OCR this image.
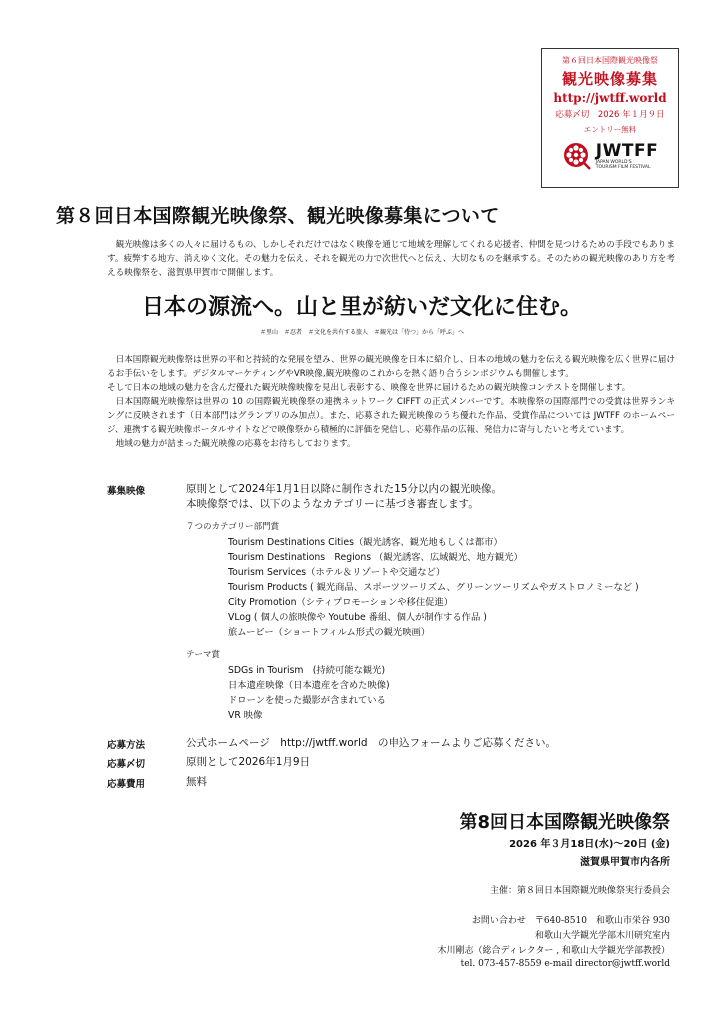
第６回日本国際観光映像祭
観光映像募集
http://jwtff.world
応募〆切　2026 年１月９日
エントリー無料
JWTFF
JAPAN WORLD'S
TOURISM FILM FESTIVAL
第８回日本国際観光映像祭、観光映像募集について
観光映像は多くの人々に届けるもの、しかしそれだけではなく映像を通じて地域を理解してくれる応援者、仲間を見つけるための手段でもあります。疲弊する地方、消えゆく文化。その魅力を伝え、それを観光の力で次世代へと伝え、大切なものを継承する。そのための観光映像のあり方を考える映像祭を、滋賀県甲賀市で開催します。
日本の源流へ。山と里が紡いだ文化に住む。
＃里山　＃忍者　＃文化を共有する旅人　＃観光は「待つ」から「呼ぶ」へ

日本国際観光映像祭は世界の平和と持続的な発展を望み、世界の観光映像を日本に紹介し、日本の地域の魅力を伝える観光映像を広く世界に届けるお手伝いをします。デジタルマーケティングやVR映像,観光映像のこれからを熱く語り合うシンポジウムも開催します。

そして日本の地域の魅力を含んだ優れた観光映像映像を見出し表彰する、映像を世界に届けるための観光映像コンテストを開催します。

日本国際観光映像祭は世界の 10 の国際観光映像祭の連携ネットワーク CIFFT の正式メンバーです。本映像祭の国際部門での受賞は世界ランキングに反映されます（日本部門はグランプリのみ加点）。また、応募された観光映像のうち優れた作品、受賞作品については JWTFF のホームページ、連携する観光映像ポータルサイトなどで映像祭から積極的に評価を発信し、応募作品の広報、発信力に寄与したいと考えています。

地域の魅力が詰まった観光映像の応募をお待ちしております。

募集映像	原則として2024年1月1日以降に制作された15分以内の観光映像。
本映像祭では、以下のようなカテゴリーに基づき審査します。
７つのカテゴリー部門賞
Tourism Destinations Cities（観光誘客、観光地もしくは都市）
Tourism Destinations　Regions （観光誘客、広域観光、地方観光）
Tourism Services（ホテル＆リゾートや交通など）
Tourism Products ( 観光商品、スポーツツーリズム、グリーンツーリズムやガストロノミーなど )
City Promotion（シティプロモーションや移住促進）
VLog ( 個人の旅映像や Youtube 番組、個人が制作する作品 )
旅ムービー（ショートフィルム形式の観光映画）
テーマ賞
SDGs in Tourism　(持続可能な観光)
日本遺産映像（日本遺産を含めた映像)
ドローンを使った撮影が含まれている
VR 映像
応募方法	公式ホームページ　http://jwtff.world　の申込フォームよりご応募ください。
応募〆切	原則として2026年1月9日
応募費用	無料
第8回日本国際観光映像祭
2026 年３月18日(水)～20日 (金)
滋賀県甲賀市内各所
主催：第８回日本国際観光映像祭実行委員会
お問い合わせ　〒640-8510　和歌山市栄谷 930
和歌山大学観光学部木川研究室内
木川剛志（総合ディレクター , 和歌山大学観光学部教授）
tel. 073-457-8559 e-mail director@jwtff.world
